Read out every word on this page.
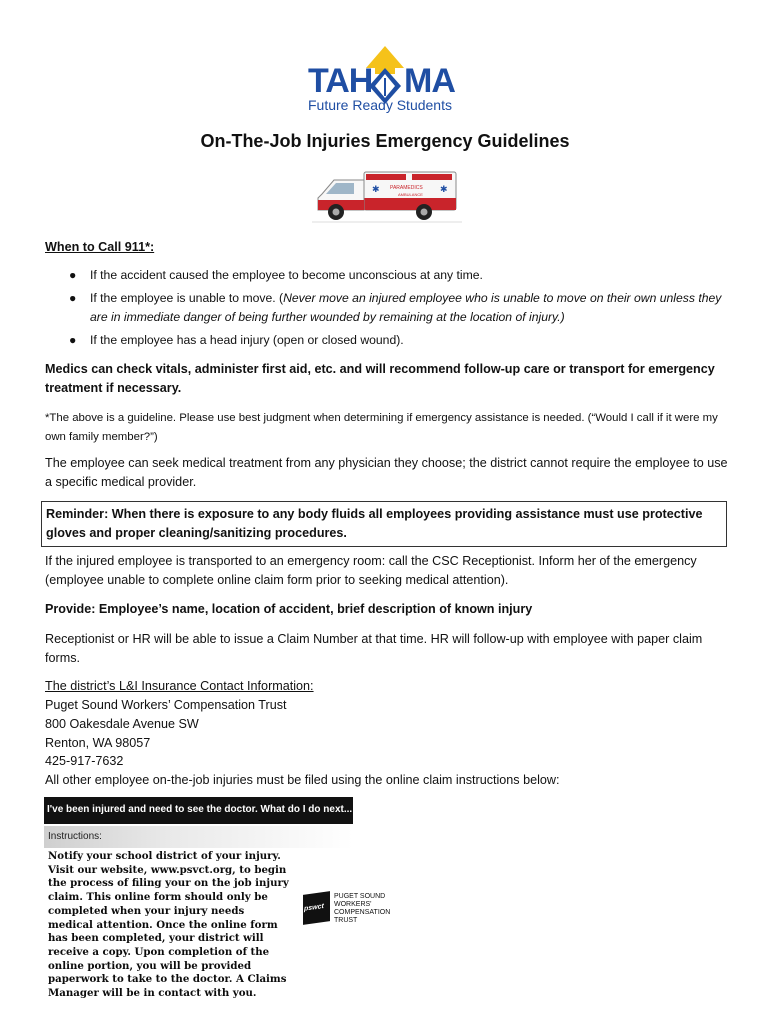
TAH MA
Future Ready Students
On-The-Job Injuries Emergency Guidelines
PARAMEDICS
AMBULANCE
✱	✱
When to Call 911*:
● If the accident caused the employee to become unconscious at any time.
● If the employee is unable to move. (Never move an injured employee who is unable to move on their own unless they are in immediate danger of being further wounded by remaining at the location of injury.)
● If the employee has a head injury (open or closed wound).
Medics can check vitals, administer first aid, etc. and will recommend follow-up care or transport for emergency treatment if necessary.
*The above is a guideline. Please use best judgment when determining if emergency assistance is needed. (“Would I call if it were my own family member?”)
The employee can seek medical treatment from any physician they choose; the district cannot require the employee to use a specific medical provider.
Reminder: When there is exposure to any body fluids all employees providing assistance must use protective gloves and proper cleaning/sanitizing procedures.
If the injured employee is transported to an emergency room: call the CSC Receptionist. Inform her of the emergency (employee unable to complete online claim form prior to seeking medical attention).
Provide: Employee’s name, location of accident, brief description of known injury
Receptionist or HR will be able to issue a Claim Number at that time. HR will follow-up with employee with paper claim forms.
The district’s L&I Insurance Contact Information:
Puget Sound Workers’ Compensation Trust
800 Oakesdale Avenue SW
Renton, WA 98057
425-917-7632
All other employee on-the-job injuries must be filed using the online claim instructions below:
I've been injured and need to see the doctor. What do I do next...
Instructions:
Notify your school district of your injury. Visit our website, www.psvct.org, to begin the process of filing your on the job injury claim. This online form should only be completed when your injury needs medical attention. Once the online form has been completed, your district will receive a copy. Upon completion of the online portion, you will be provided paperwork to take to the doctor. A Claims Manager will be in contact with you.
pswct
PUGET SOUND
WORKERS'
COMPENSATION
TRUST
